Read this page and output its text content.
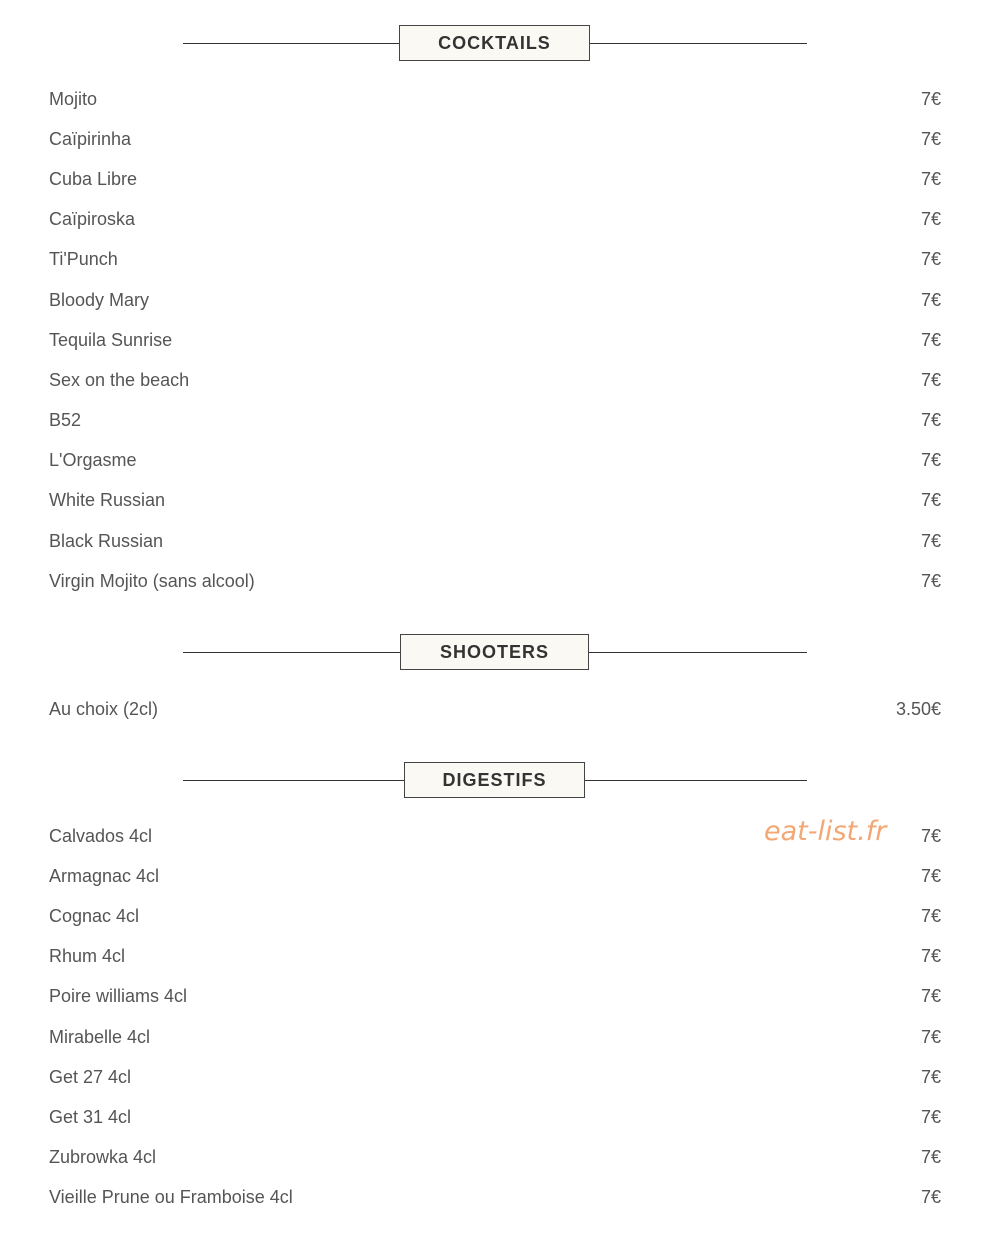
COCKTAILS
Mojito	7€
Caïpirinha	7€
Cuba Libre	7€
Caïpiroska	7€
Ti'Punch	7€
Bloody Mary	7€
Tequila Sunrise	7€
Sex on the beach	7€
B52	7€
L'Orgasme	7€
White Russian	7€
Black Russian	7€
Virgin Mojito (sans alcool)	7€
SHOOTERS
Au choix (2cl)	3.50€
DIGESTIFS
Calvados 4cl	7€
Armagnac 4cl	7€
Cognac 4cl	7€
Rhum 4cl	7€
Poire williams 4cl	7€
Mirabelle 4cl	7€
Get 27 4cl	7€
Get 31 4cl	7€
Zubrowka 4cl	7€
Vieille Prune ou Framboise 4cl	7€
eat-list.fr
